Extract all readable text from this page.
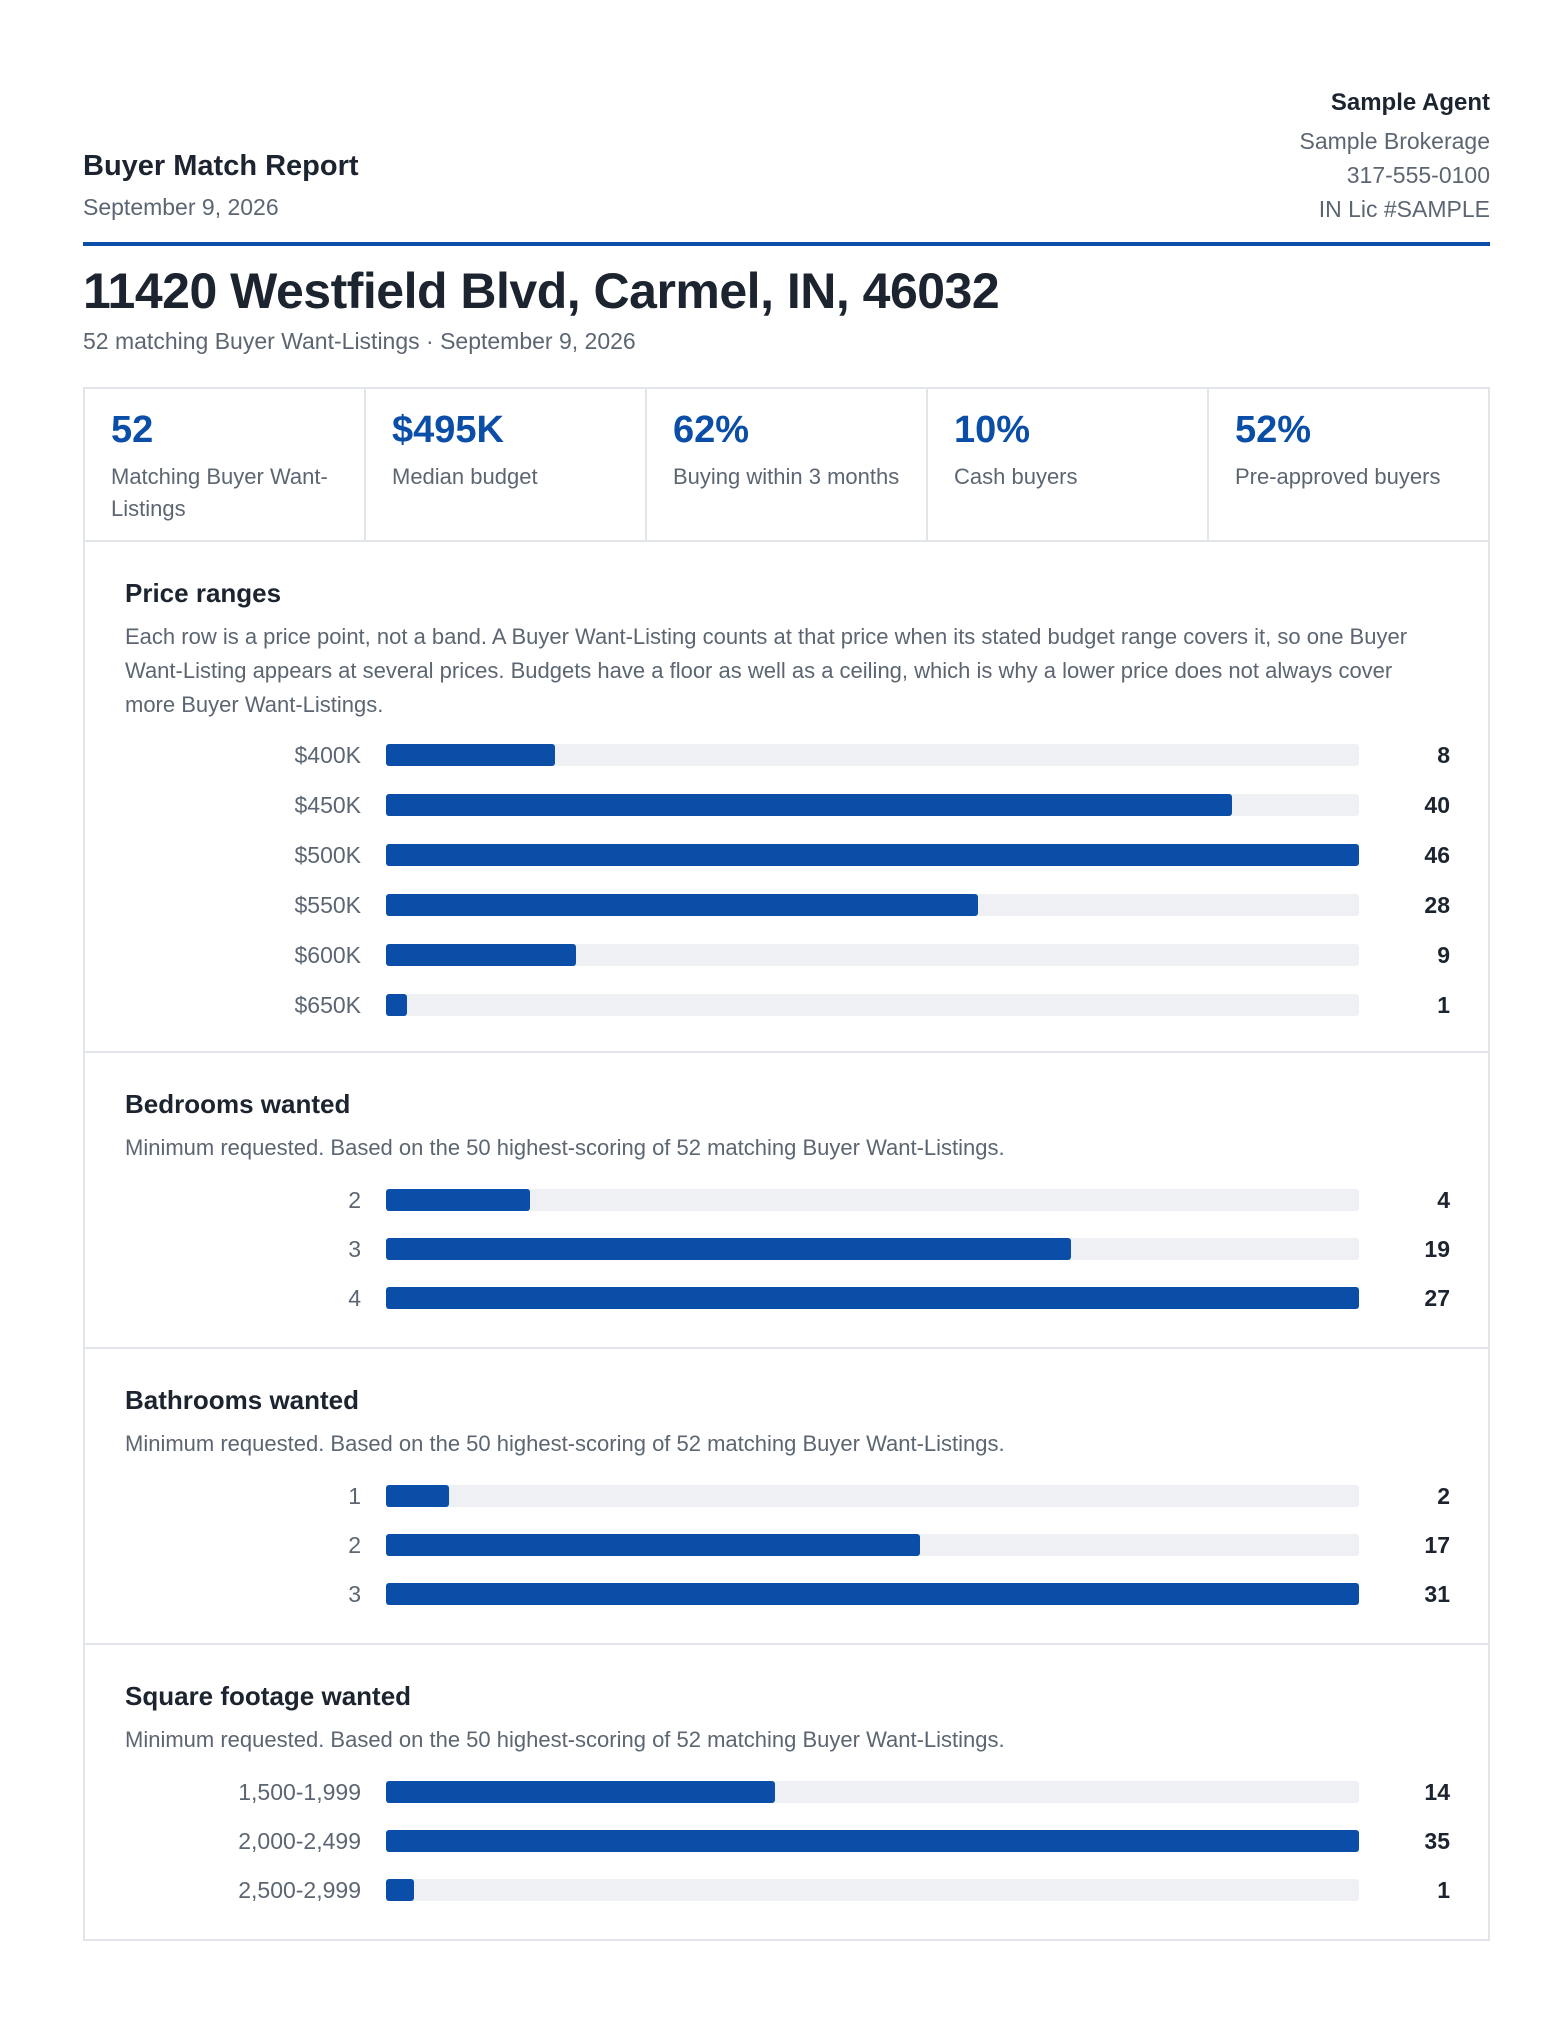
Buyer Match Report
September 9, 2026
Sample Agent
Sample Brokerage
317-555-0100
IN Lic #SAMPLE
11420 Westfield Blvd, Carmel, IN, 46032
52 matching Buyer Want-Listings · September 9, 2026
52
Matching Buyer Want-Listings
$495K
Median budget
62%
Buying within 3 months
10%
Cash buyers
52%
Pre-approved buyers
Price ranges
Each row is a price point, not a band. A Buyer Want-Listing counts at that price when its stated budget range covers it, so one Buyer Want-Listing appears at several prices. Budgets have a floor as well as a ceiling, which is why a lower price does not always cover more Buyer Want-Listings.
$400K	8
$450K	40
$500K	46
$550K	28
$600K	9
$650K	1
Bedrooms wanted
Minimum requested. Based on the 50 highest-scoring of 52 matching Buyer Want-Listings.
2	4
3	19
4	27
Bathrooms wanted
Minimum requested. Based on the 50 highest-scoring of 52 matching Buyer Want-Listings.
1	2
2	17
3	31
Square footage wanted
Minimum requested. Based on the 50 highest-scoring of 52 matching Buyer Want-Listings.
1,500-1,999	14
2,000-2,499	35
2,500-2,999	1
